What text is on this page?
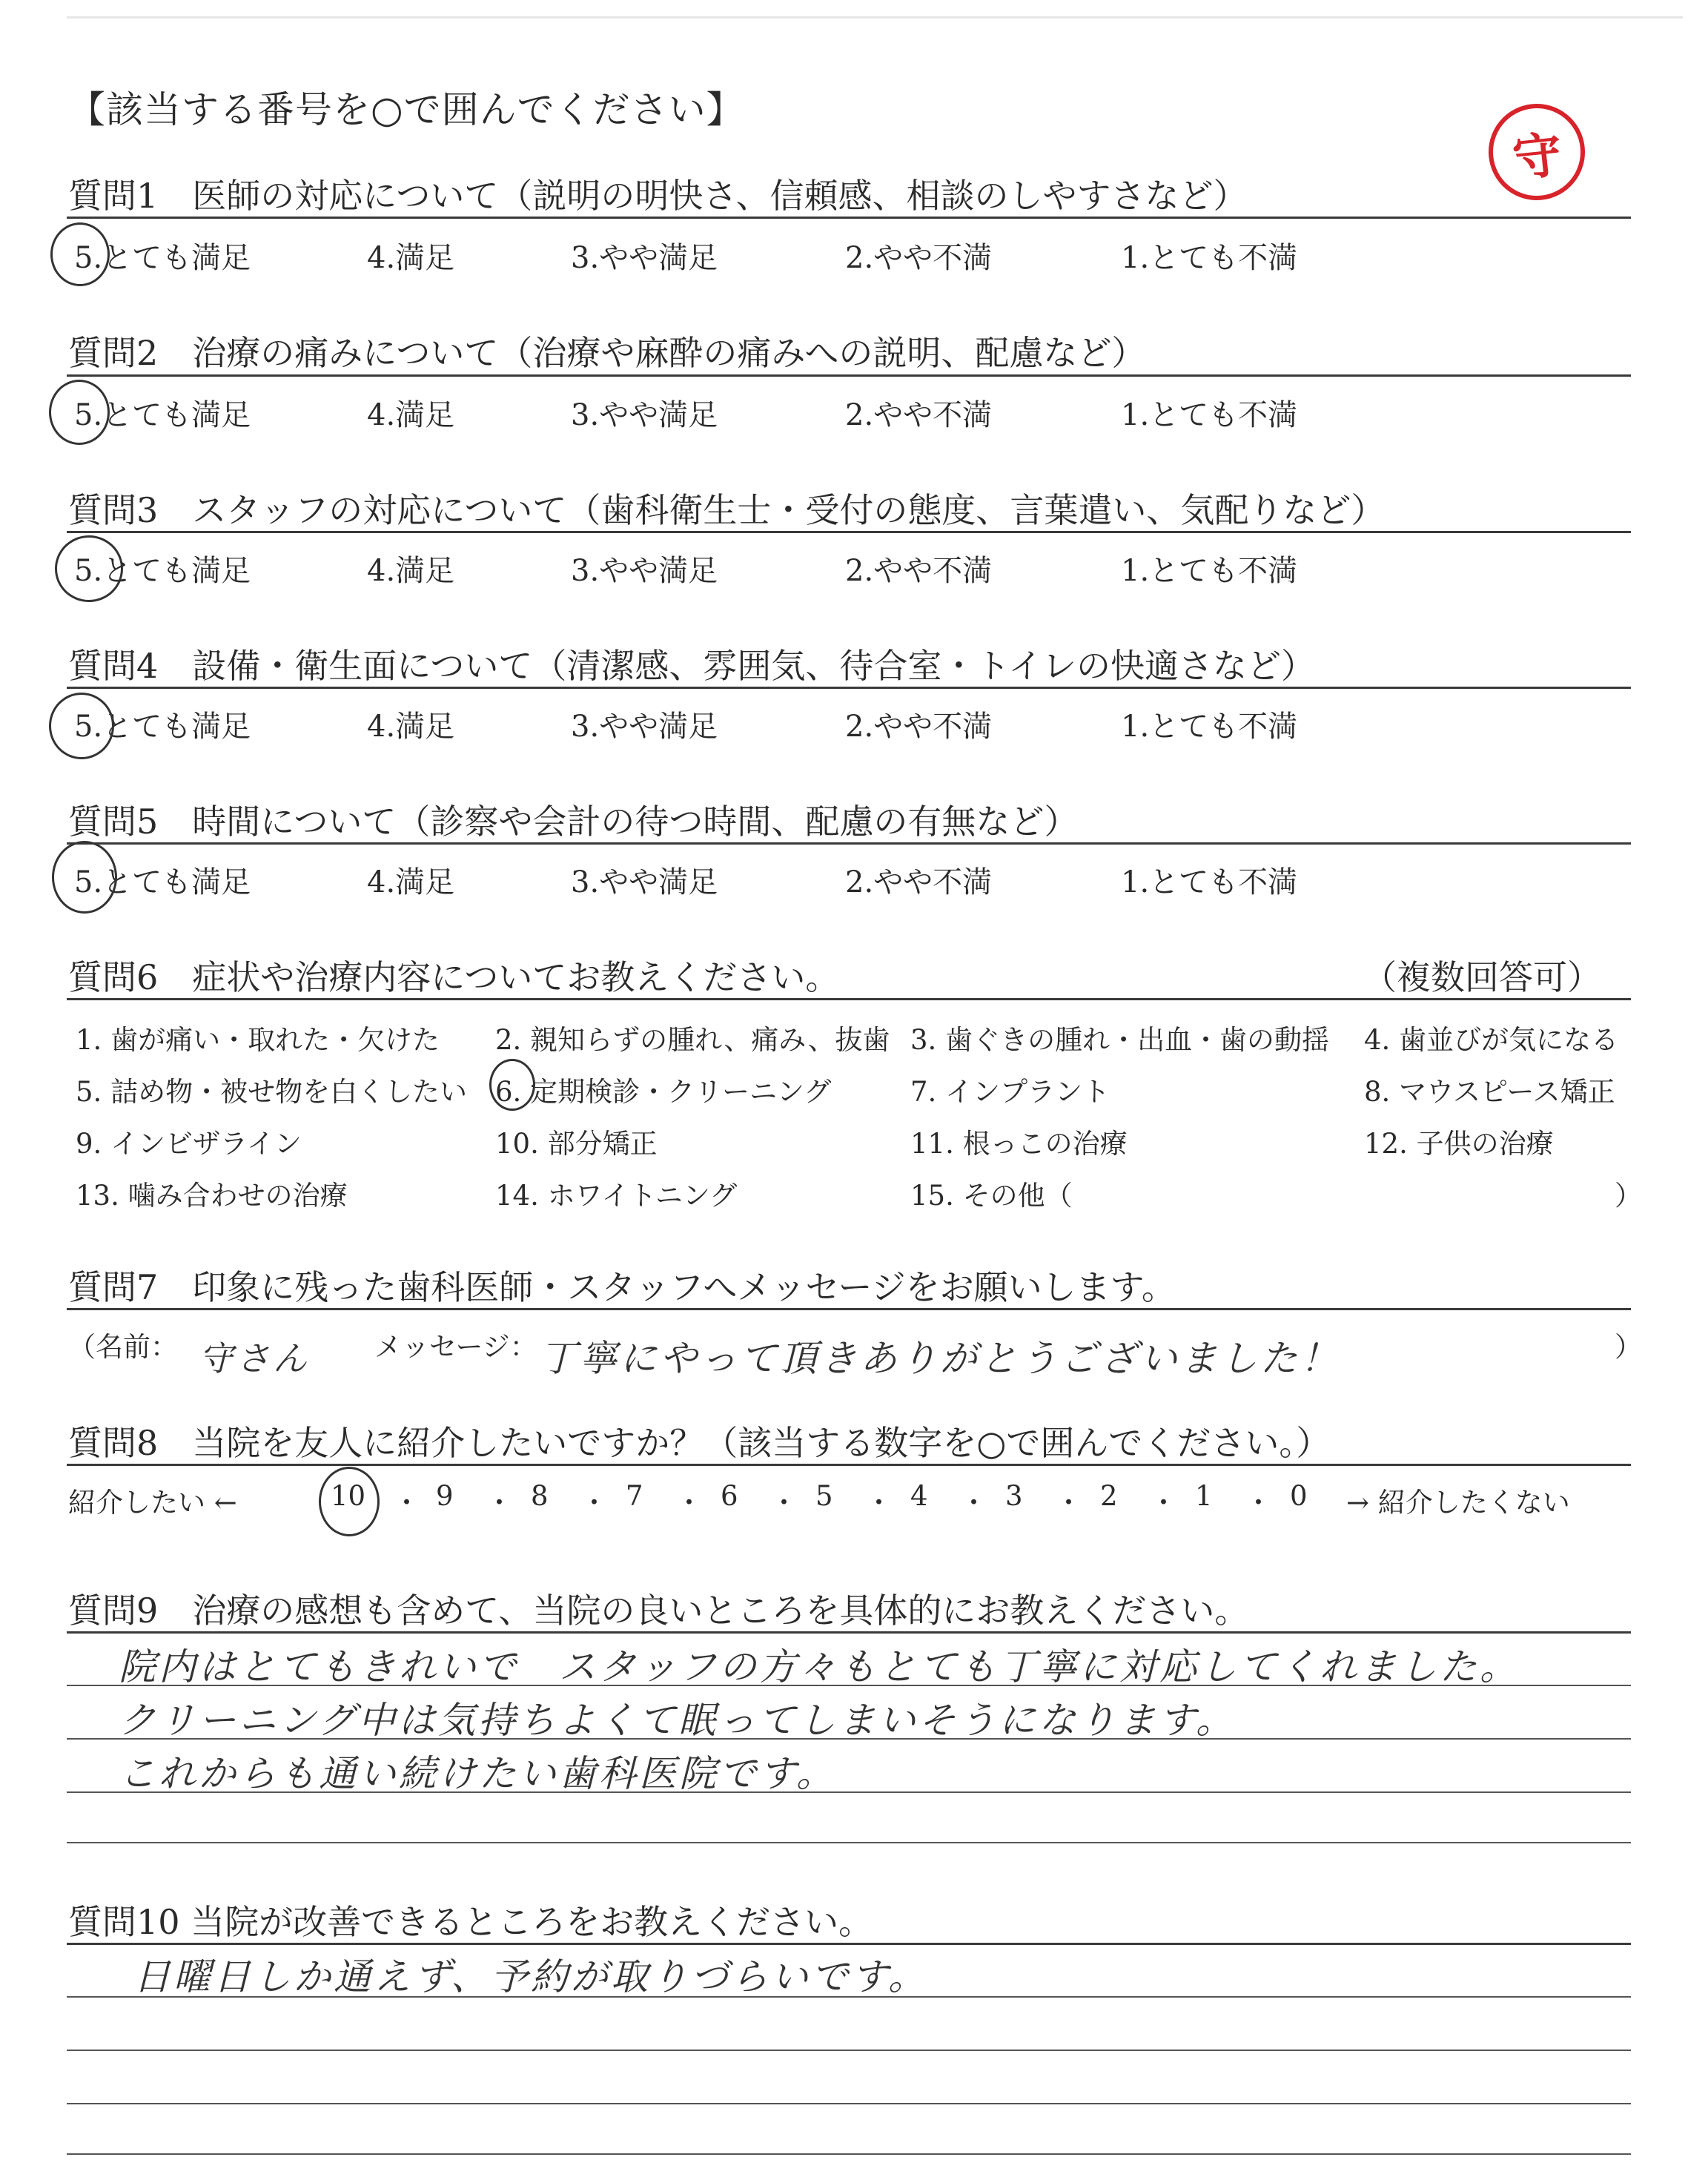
【該当する番号を○で囲んでください】
守
質問1　医師の対応について（説明の明快さ、信頼感、相談のしやすさなど）
5.とても満足	4.満足	3.やや満足	2.やや不満	1.とても不満
質問2　治療の痛みについて（治療や麻酔の痛みへの説明、配慮など）
5.とても満足	4.満足	3.やや満足	2.やや不満	1.とても不満
質問3　スタッフの対応について（歯科衛生士・受付の態度、言葉遣い、気配りなど）
5.とても満足	4.満足	3.やや満足	2.やや不満	1.とても不満
質問4　設備・衛生面について（清潔感、雰囲気、待合室・トイレの快適さなど）
5.とても満足	4.満足	3.やや満足	2.やや不満	1.とても不満
質問5　時間について（診察や会計の待つ時間、配慮の有無など）
5.とても満足	4.満足	3.やや満足	2.やや不満	1.とても不満
質問6　症状や治療内容についてお教えください。	（複数回答可）
1. 歯が痛い・取れた・欠けた 2. 親知らずの腫れ、痛み、抜歯 3. 歯ぐきの腫れ・出血・歯の動揺 4. 歯並びが気になる
5. 詰め物・被せ物を白くしたい 6. 定期検診・クリーニング	7. インプラント	8. マウスピース矯正
9. インビザライン	10. 部分矯正	11. 根っこの治療	12. 子供の治療
13. 噛み合わせの治療	14. ホワイトニング	15. その他（	）
質問7　印象に残った歯科医師・スタッフへメッセージをお願いします。
（名前： 守さん メッセージ： 丁寧にやって頂きありがとうございました！	）
質問8　当院を友人に紹介したいですか？（該当する数字を○で囲んでください。）
紹介したい ←	→ 紹介したくない
10 ・ 9 ・ 8 ・ 7 ・ 6 ・ 5 ・ 4 ・ 3 ・ 2 ・ 1 ・ 0
質問9　治療の感想も含めて、当院の良いところを具体的にお教えください。
院内はとてもきれいで　スタッフの方々もとても丁寧に対応してくれました。
クリーニング中は気持ちよくて眠ってしまいそうになります。
これからも通い続けたい歯科医院です。
質問10 当院が改善できるところをお教えください。
日曜日しか通えず、予約が取りづらいです。
